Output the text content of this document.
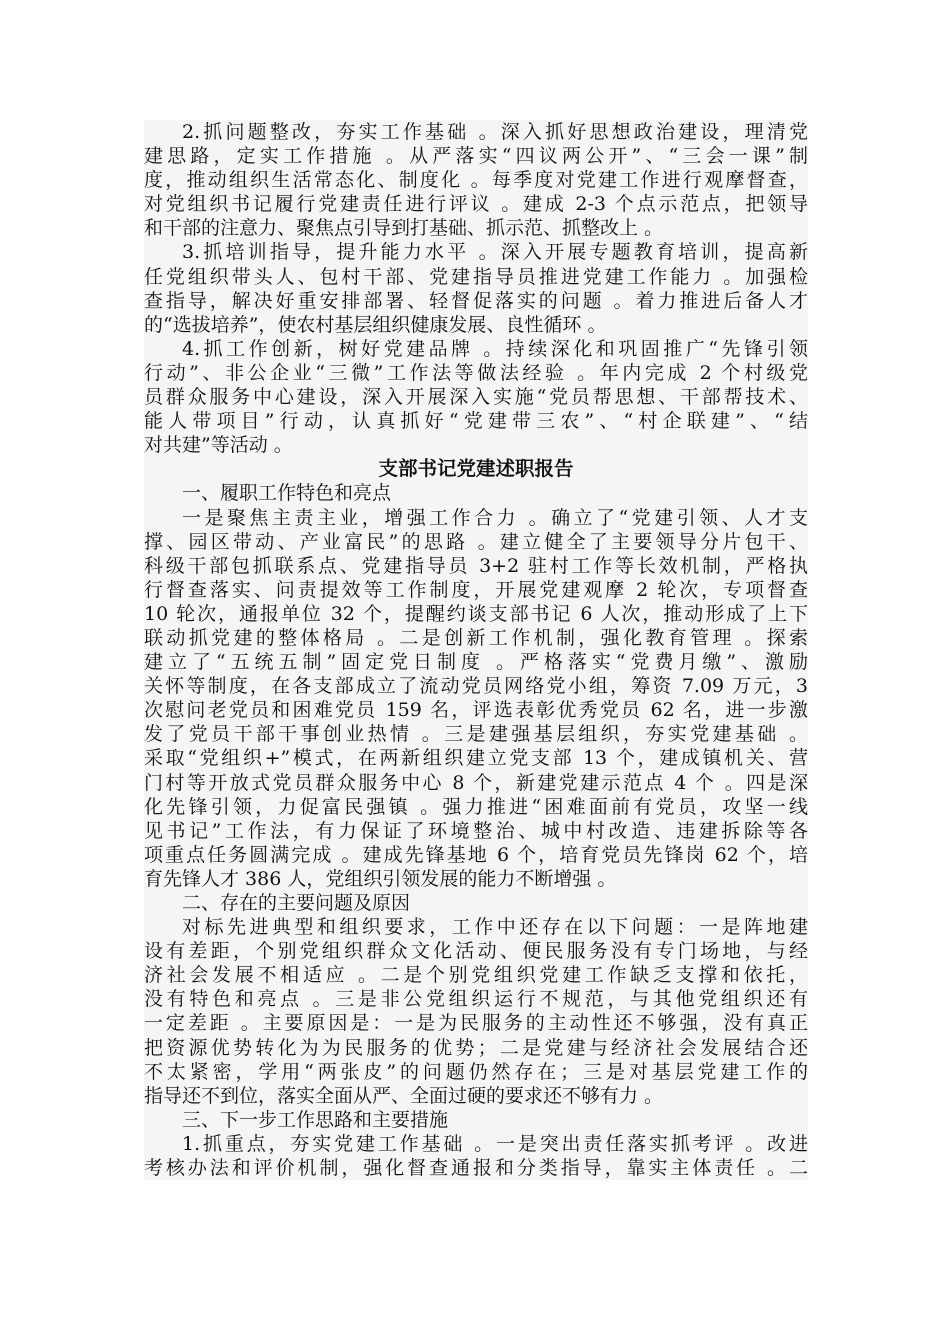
2.抓问题整改，夯实工作基础 。深入抓好思想政治建设，理清党
建思路，定实工作措施 。从严落实“四议两公开”、“三会一课”制
度，推动组织生活常态化、制度化 。每季度对党建工作进行观摩督查，
对党组织书记履行党建责任进行评议 。建成 2-3 个点示范点，把领导
和干部的注意力、聚焦点引导到打基础、抓示范、抓整改上 。
3.抓培训指导，提升能力水平 。深入开展专题教育培训，提高新
任党组织带头人、包村干部、党建指导员推进党建工作能力 。加强检
查指导，解决好重安排部署、轻督促落实的问题 。着力推进后备人才
的“选拔培养”，使农村基层组织健康发展、良性循环 。
4.抓工作创新，树好党建品牌 。持续深化和巩固推广“先锋引领
行动”、非公企业“三微”工作法等做法经验 。年内完成 2 个村级党
员群众服务中心建设，深入开展深入实施“党员帮思想、干部帮技术、
能人带项目”行动，认真抓好“党建带三农”、“村企联建”、“结
对共建”等活动 。
支部书记党建述职报告
一、履职工作特色和亮点
一是聚焦主责主业，增强工作合力 。确立了“党建引领、人才支
撑、园区带动、产业富民”的思路 。建立健全了主要领导分片包干、
科级干部包抓联系点、党建指导员 3+2 驻村工作等长效机制，严格执
行督查落实、问责提效等工作制度，开展党建观摩 2 轮次，专项督查
10 轮次，通报单位 32 个，提醒约谈支部书记 6 人次，推动形成了上下
联动抓党建的整体格局 。二是创新工作机制，强化教育管理 。探索
建立了“五统五制”固定党日制度 。严格落实“党费月缴”、激励
关怀等制度，在各支部成立了流动党员网络党小组，筹资 7.09 万元，3
次慰问老党员和困难党员 159 名，评选表彰优秀党员 62 名，进一步激
发了党员干部干事创业热情 。三是建强基层组织，夯实党建基础 。
采取“党组织+”模式，在两新组织建立党支部 13 个，建成镇机关、营
门村等开放式党员群众服务中心 8 个，新建党建示范点 4 个 。四是深
化先锋引领，力促富民强镇 。强力推进“困难面前有党员，攻坚一线
见书记”工作法，有力保证了环境整治、城中村改造、违建拆除等各
项重点任务圆满完成 。建成先锋基地 6 个，培育党员先锋岗 62 个，培
育先锋人才 386 人，党组织引领发展的能力不断增强 。
二、存在的主要问题及原因
对标先进典型和组织要求，工作中还存在以下问题：一是阵地建
设有差距，个别党组织群众文化活动、便民服务没有专门场地，与经
济社会发展不相适应 。二是个别党组织党建工作缺乏支撑和依托，
没有特色和亮点 。三是非公党组织运行不规范，与其他党组织还有
一定差距 。主要原因是：一是为民服务的主动性还不够强，没有真正
把资源优势转化为为民服务的优势；二是党建与经济社会发展结合还
不太紧密，学用“两张皮”的问题仍然存在；三是对基层党建工作的
指导还不到位，落实全面从严、全面过硬的要求还不够有力 。
三、下一步工作思路和主要措施
1.抓重点，夯实党建工作基础 。一是突出责任落实抓考评 。改进
考核办法和评价机制，强化督查通报和分类指导，靠实主体责任 。二
